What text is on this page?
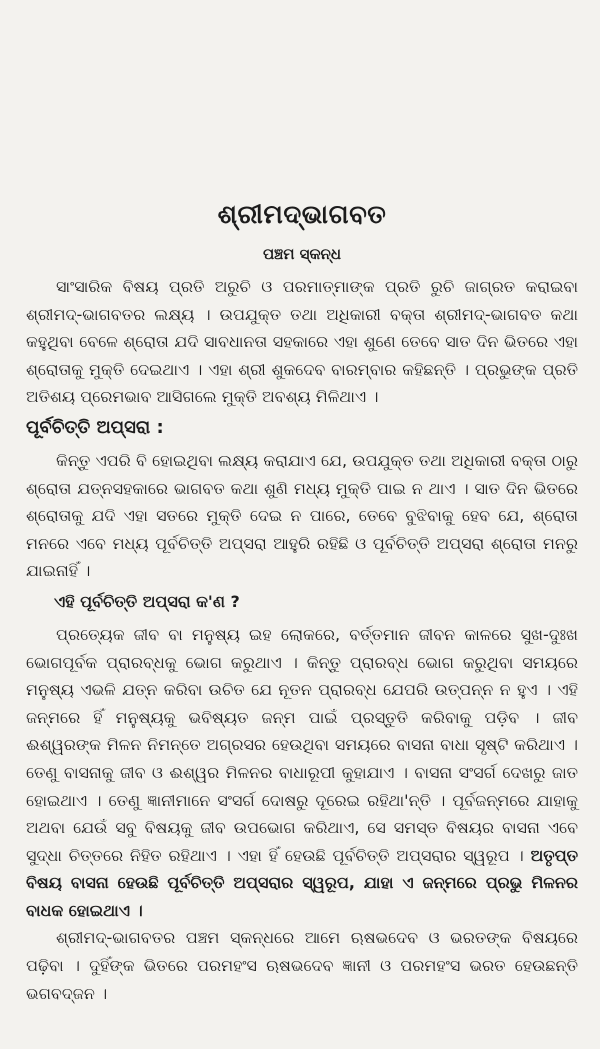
ଶ୍ରୀମଦ୍‌ଭାଗବତ
ପଞ୍ଚମ ସ୍କନ୍ଧ

ସାଂସାରିକ ବିଷୟ ପ୍ରତି ଅରୁଚି ଓ ପରମାତ୍ମାଙ୍କ ପ୍ରତି ରୁଚି ଜାଗ୍ରତ କରାଇବା ଶ୍ରୀମଦ୍-ଭାଗବତର ଲକ୍ଷ୍ୟ । ଉପଯୁକ୍ତ ତଥା ଅଧିକାରୀ ବକ୍ତା ଶ୍ରୀମଦ୍-ଭାଗବତ କଥା କହୁଥିବା ବେଳେ ଶ୍ରୋତା ଯଦି ସାବଧାନତା ସହକାରେ ଏହା ଶୁଣେ ତେବେ ସାତ ଦିନ ଭିତରେ ଏହା ଶ୍ରୋତାକୁ ମୁକ୍ତି ଦେଇଥାଏ । ଏହା ଶ୍ରୀ ଶୁକଦେବ ବାରମ୍ବାର କହିଛନ୍ତି । ପ୍ରଭୁଙ୍କ ପ୍ରତି ଅତିଶୟ ପ୍ରେମଭାବ ଆସିଗଲେ ମୁକ୍ତି ଅବଶ୍ୟ ମିଳିଥାଏ ।

ପୂର୍ବଚିତ୍ତି ଅପ୍‌ସରା :

କିନ୍ତୁ ଏପରି ବି ହୋଇଥିବା ଲକ୍ଷ୍ୟ କରାଯାଏ ଯେ, ଉପଯୁକ୍ତ ତଥା ଅଧିକାରୀ ବକ୍ତା ଠାରୁ ଶ୍ରୋତା ଯତ୍ନସହକାରେ ଭାଗବତ କଥା ଶୁଣି ମଧ୍ୟ ମୁକ୍ତି ପାଇ ନ ଥାଏ । ସାତ ଦିନ ଭିତରେ ଶ୍ରୋତାକୁ ଯଦି ଏହା ସତରେ ମୁକ୍ତି ଦେଇ ନ ପାରେ, ତେବେ ବୁଝିବାକୁ ହେବ ଯେ, ଶ୍ରୋତା ମନରେ ଏବେ ମଧ୍ୟ ପୂର୍ବଚିତ୍ତି ଅପ୍‌ସରା ଆହୁରି ରହିଛି ଓ ପୂର୍ବଚିତ୍ତି ଅପ୍‌ସରା ଶ୍ରୋତା ମନରୁ ଯାଇନାହିଁ ।

ଏହି ପୂର୍ବଚିତ୍ତି ଅପ୍‌ସରା କ'ଣ ?

ପ୍ରତ୍ୟେକ ଜୀବ ବା ମନୁଷ୍ୟ ଇହ ଲୋକରେ, ବର୍ତ୍ତମାନ ଜୀବନ କାଳରେ ସୁଖ-ଦୁଃଖ ଭୋଗପୂର୍ବକ ପ୍ରାରବ୍ଧକୁ ଭୋଗ କରୁଥାଏ । କିନ୍ତୁ ପ୍ରାରବ୍ଧ ଭୋଗ କରୁଥିବା ସମୟରେ ମନୁଷ୍ୟ ଏଭଳି ଯତ୍ନ କରିବା ଉଚିତ ଯେ ନୂତନ ପ୍ରାରବ୍ଧ ଯେପରି ଉତ୍ପନ୍ନ ନ ହୁଏ । ଏହି ଜନ୍ମରେ ହିଁ ମନୁଷ୍ୟକୁ ଭବିଷ୍ୟତ ଜନ୍ମ ପାଇଁ ପ୍ରସ୍ତୁତି କରିବାକୁ ପଡ଼ିବ । ଜୀବ ଈଶ୍ୱରଙ୍କ ମିଳନ ନିମନ୍ତେ ଅଗ୍ରସର ହେଉଥିବା ସମୟରେ ବାସନା ବାଧା ସୃଷ୍ଟି କରିଥାଏ । ତେଣୁ ବାସନାକୁ ଜୀବ ଓ ଈଶ୍ୱର ମିଳନର ବାଧାରୂପୀ କୁହାଯାଏ । ବାସନା ସଂସର୍ଗ ଦେଖରୁ ଜାତ ହୋଇଥାଏ । ତେଣୁ ଜ୍ଞାନୀମାନେ ସଂସର୍ଗ ଦୋଷରୁ ଦୂରେଇ ରହିଥା'ନ୍ତି । ପୂର୍ବଜନ୍ମରେ ଯାହାକୁ ଅଥବା ଯେଉଁ ସବୁ ବିଷୟକୁ ଜୀବ ଉପଭୋଗ କରିଥାଏ, ସେ ସମସ୍ତ ବିଷୟର ବାସନା ଏବେ ସୁଦ୍ଧା ଚିତ୍ତରେ ନିହିତ ରହିଥାଏ । ଏହା ହିଁ ହେଉଛି ପୂର୍ବଚିତ୍ତି ଅପ୍‌ସରାର ସ୍ୱରୂପ । ଅତୃପ୍ତ ବିଷୟ ବାସନା ହେଉଛି ପୂର୍ବଚିତ୍ତି ଅପ୍‌ସରାର ସ୍ୱରୂପ, ଯାହା ଏ ଜନ୍ମରେ ପ୍ରଭୁ ମିଳନର ବାଧକ ହୋଇଥାଏ ।

ଶ୍ରୀମଦ୍-ଭାଗବତର ପଞ୍ଚମ ସ୍କନ୍ଧରେ ଆମେ ଋଷଭଦେବ ଓ ଭରତଙ୍କ ବିଷୟରେ ପଢ଼ିବା । ଦୁହିଁଙ୍କ ଭିତରେ ପରମହଂସ ଋଷଭଦେବ ଜ୍ଞାନୀ ଓ ପରମହଂସ ଭରତ ହେଉଛନ୍ତି ଭଗବଦ୍‌ଜନ ।
